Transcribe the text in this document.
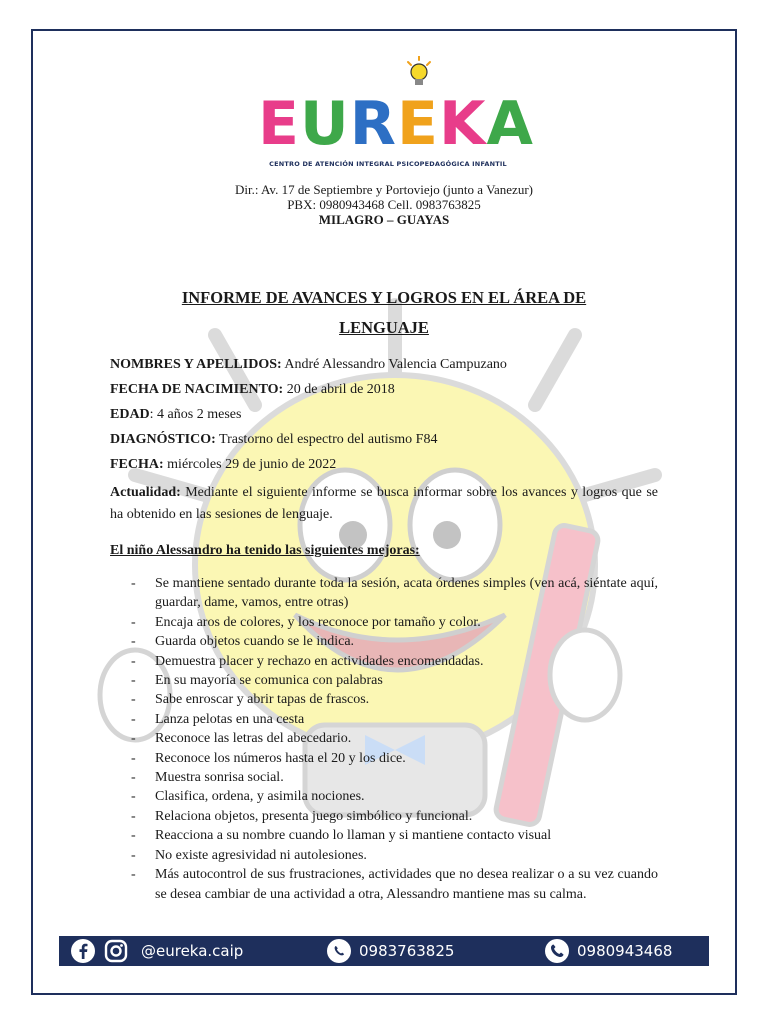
EUREKA
CENTRO DE ATENCIÓN INTEGRAL PSICOPEDAGÓGICA INFANTIL
Dir.: Av. 17 de Septiembre y Portoviejo (junto a Vanezur)
PBX: 0980943468 Cell. 0983763825
MILAGRO – GUAYAS
INFORME DE AVANCES Y LOGROS EN EL ÁREA DE
LENGUAJE
NOMBRES Y APELLIDOS: André Alessandro Valencia Campuzano
FECHA DE NACIMIENTO: 20 de abril de 2018
EDAD: 4 años 2 meses
DIAGNÓSTICO: Trastorno del espectro del autismo F84
FECHA: miércoles 29 de junio de 2022
Actualidad: Mediante el siguiente informe se busca informar sobre los avances y logros que se ha obtenido en las sesiones de lenguaje.
El niño Alessandro ha tenido las siguientes mejoras:
- Se mantiene sentado durante toda la sesión, acata órdenes simples (ven acá, siéntate aquí, guardar, dame, vamos, entre otras)
- Encaja aros de colores, y los reconoce por tamaño y color.
- Guarda objetos cuando se le indica.
- Demuestra placer y rechazo en actividades encomendadas.
- En su mayoría se comunica con palabras
- Sabe enroscar y abrir tapas de frascos.
- Lanza pelotas en una cesta
- Reconoce las letras del abecedario.
- Reconoce los números hasta el 20 y los dice.
- Muestra sonrisa social.
- Clasifica, ordena, y asimila nociones.
- Relaciona objetos, presenta juego simbólico y funcional.
- Reacciona a su nombre cuando lo llaman y si mantiene contacto visual
- No existe agresividad ni autolesiones.
- Más autocontrol de sus frustraciones, actividades que no desea realizar o a su vez cuando se desea cambiar de una actividad a otra, Alessandro mantiene mas su calma.
@eureka.caip	0983763825	0980943468
